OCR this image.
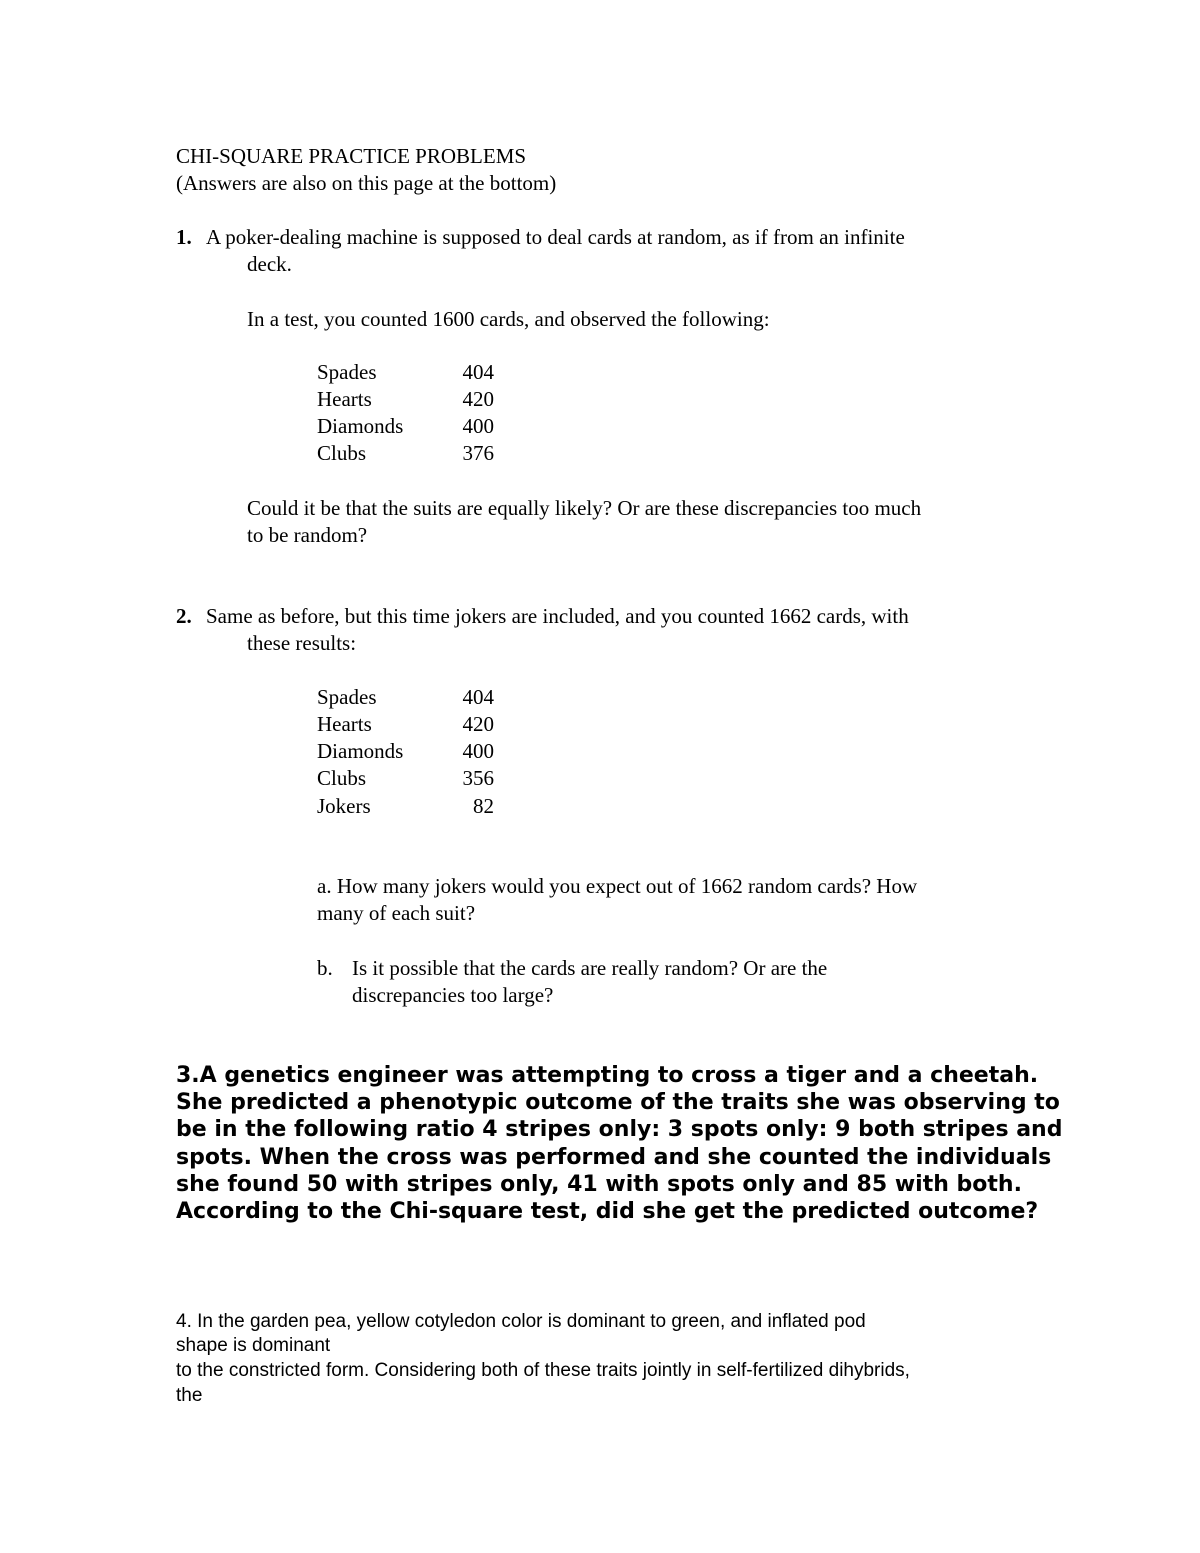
CHI-SQUARE PRACTICE PROBLEMS
(Answers are also on this page at the bottom)
1. A poker-dealing machine is supposed to deal cards at random, as if from an infinite
deck.
In a test, you counted 1600 cards, and observed the following:
Spades	404
Hearts	420
Diamonds	400
Clubs	376
Could it be that the suits are equally likely? Or are these discrepancies too much
to be random?
2. Same as before, but this time jokers are included, and you counted 1662 cards, with
these results:
Spades	404
Hearts	420
Diamonds	400
Clubs	356
Jokers	82
a. How many jokers would you expect out of 1662 random cards? How
many of each suit?
b. Is it possible that the cards are really random? Or are the
discrepancies too large?
3.A genetics engineer was attempting to cross a tiger and a cheetah.
She predicted a phenotypic outcome of the traits she was observing to
be in the following ratio 4 stripes only: 3 spots only: 9 both stripes and
spots. When the cross was performed and she counted the individuals
she found 50 with stripes only, 41 with spots only and 85 with both.
According to the Chi-square test, did she get the predicted outcome?
4. In the garden pea, yellow cotyledon color is dominant to green, and inflated pod
shape is dominant
to the constricted form. Considering both of these traits jointly in self-fertilized dihybrids,
the
